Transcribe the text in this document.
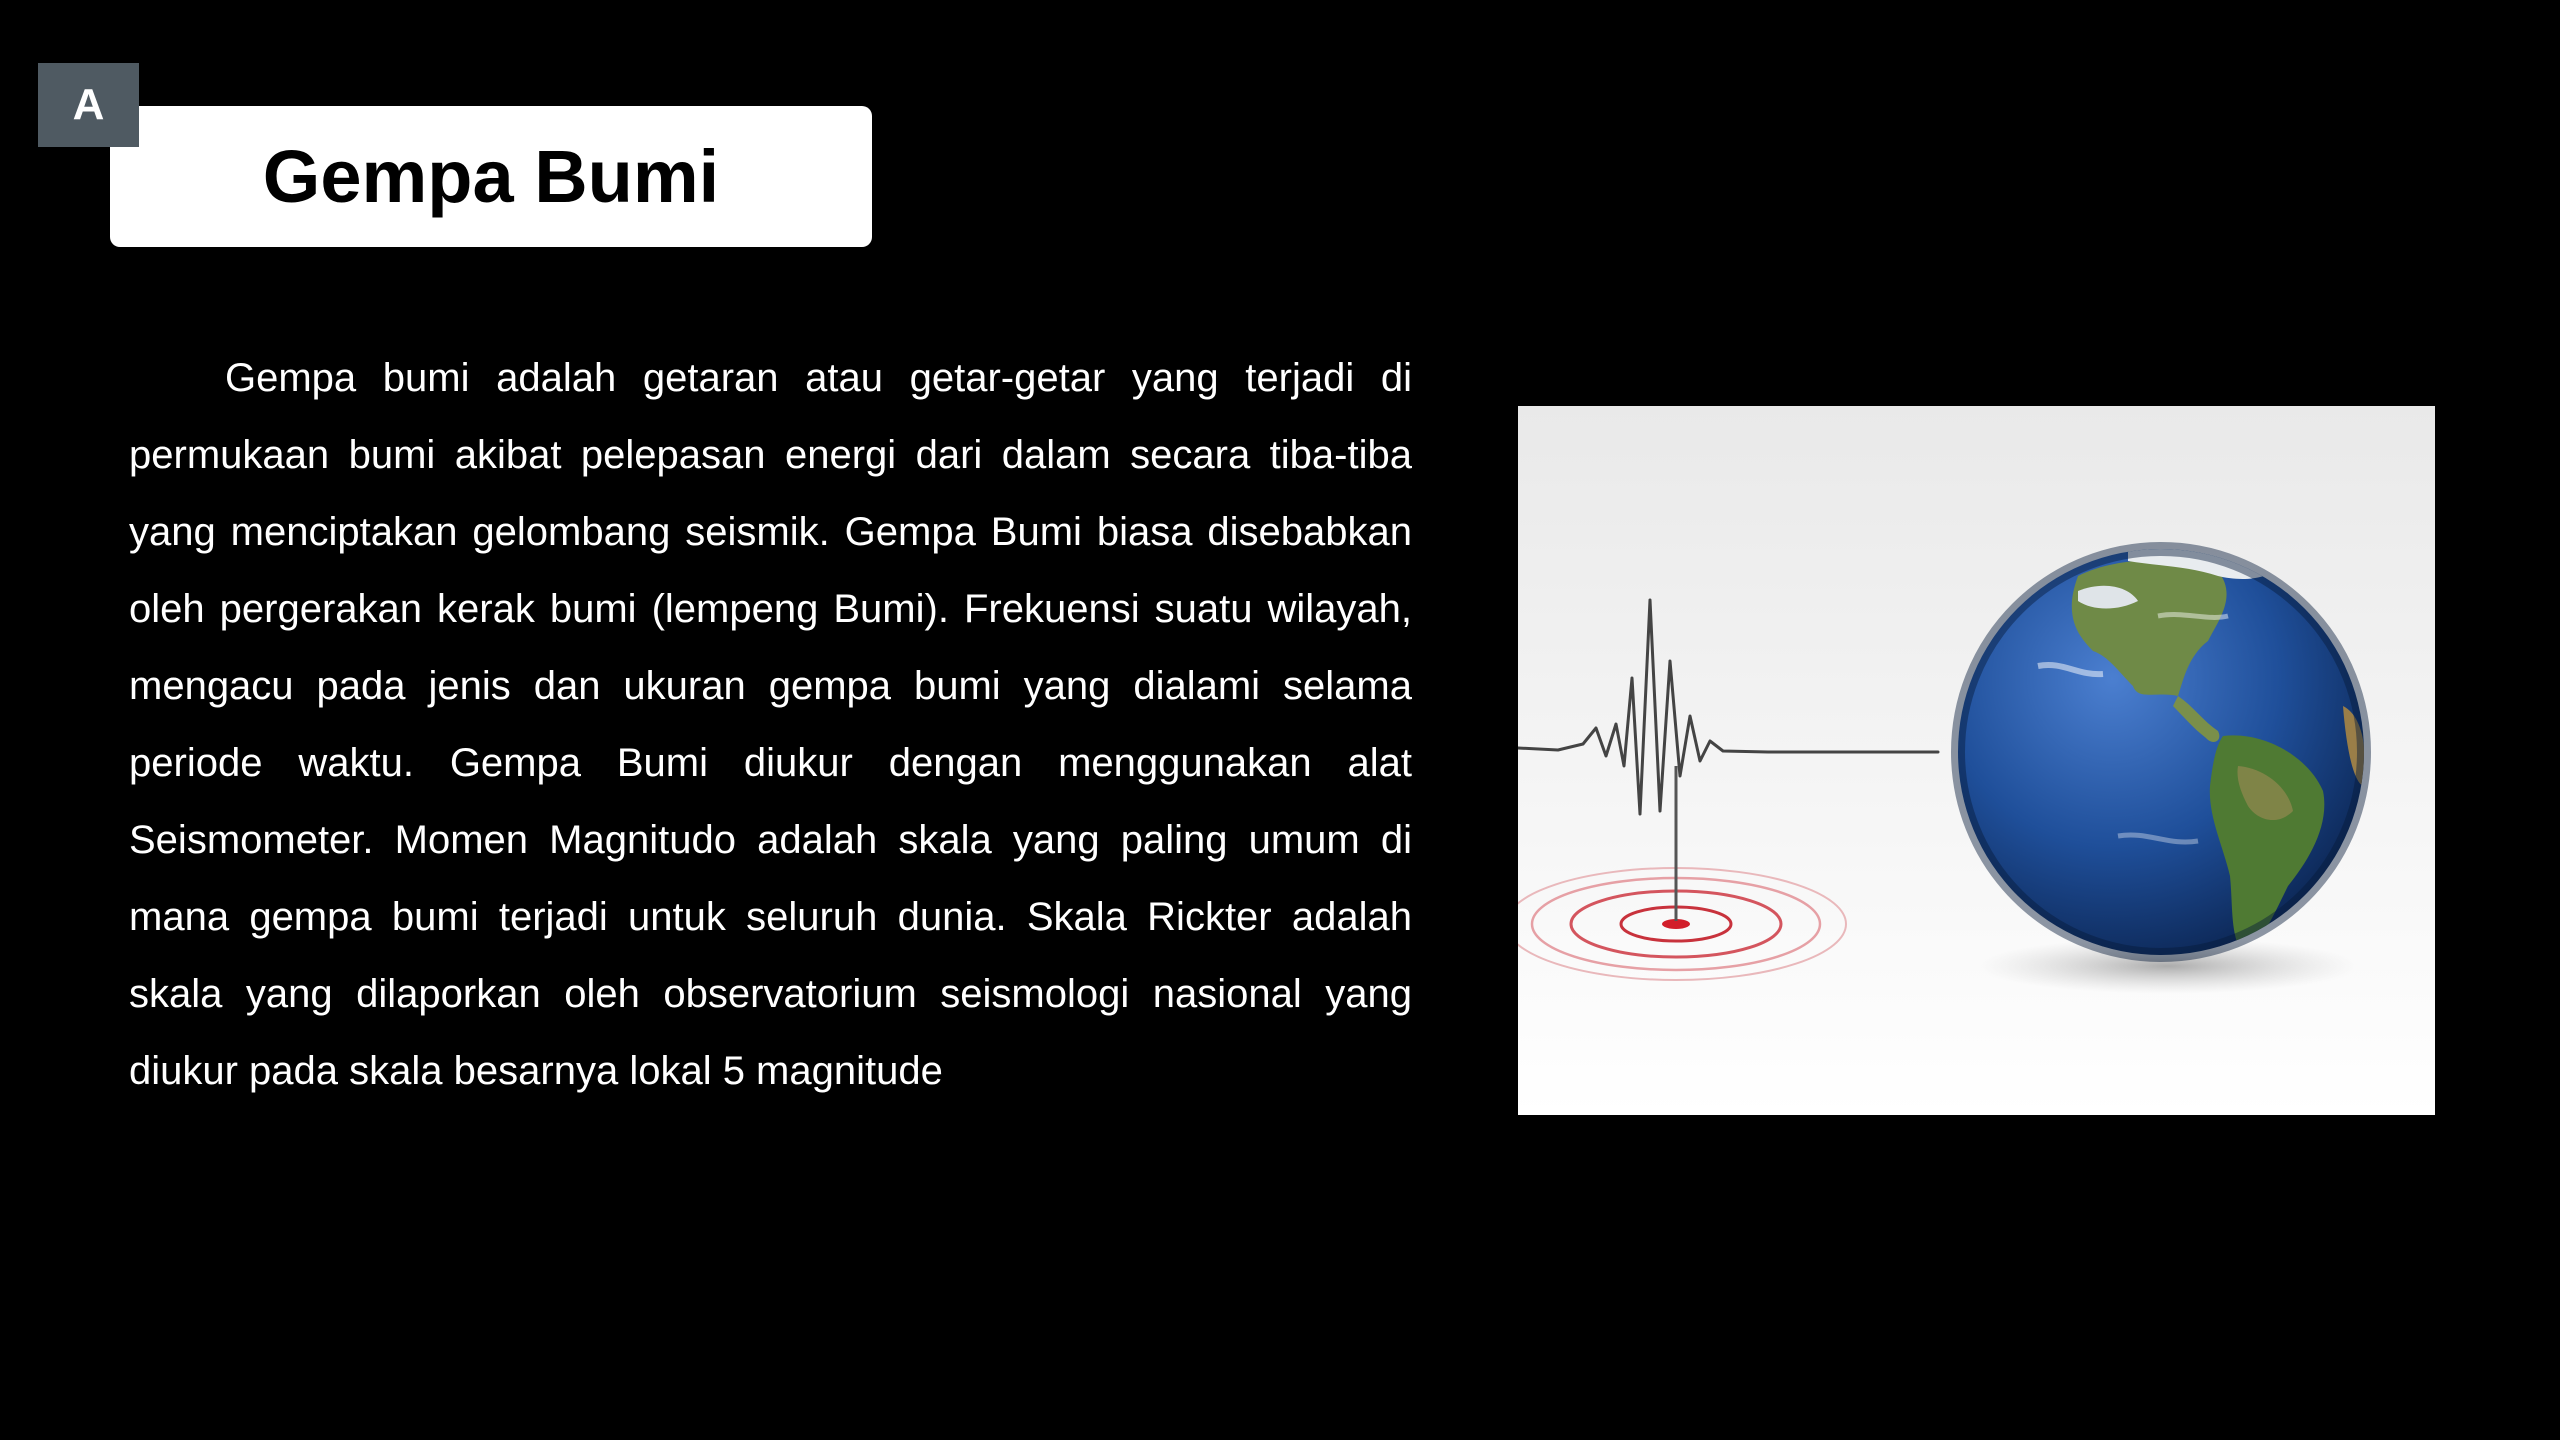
A
Gempa Bumi

Gempa bumi adalah getaran atau getar-getar yang terjadi di permukaan bumi akibat pelepasan energi dari dalam secara tiba-tiba yang menciptakan gelombang seismik. Gempa Bumi biasa disebabkan oleh pergerakan kerak bumi (lempeng Bumi). Frekuensi suatu wilayah, mengacu pada jenis dan ukuran gempa bumi yang dialami selama periode waktu. Gempa Bumi diukur dengan menggunakan alat Seismometer. Momen Magnitudo adalah skala yang paling umum di mana gempa bumi terjadi untuk seluruh dunia. Skala Rickter adalah skala yang dilaporkan oleh observatorium seismologi nasional yang diukur pada skala besarnya lokal 5 magnitude
